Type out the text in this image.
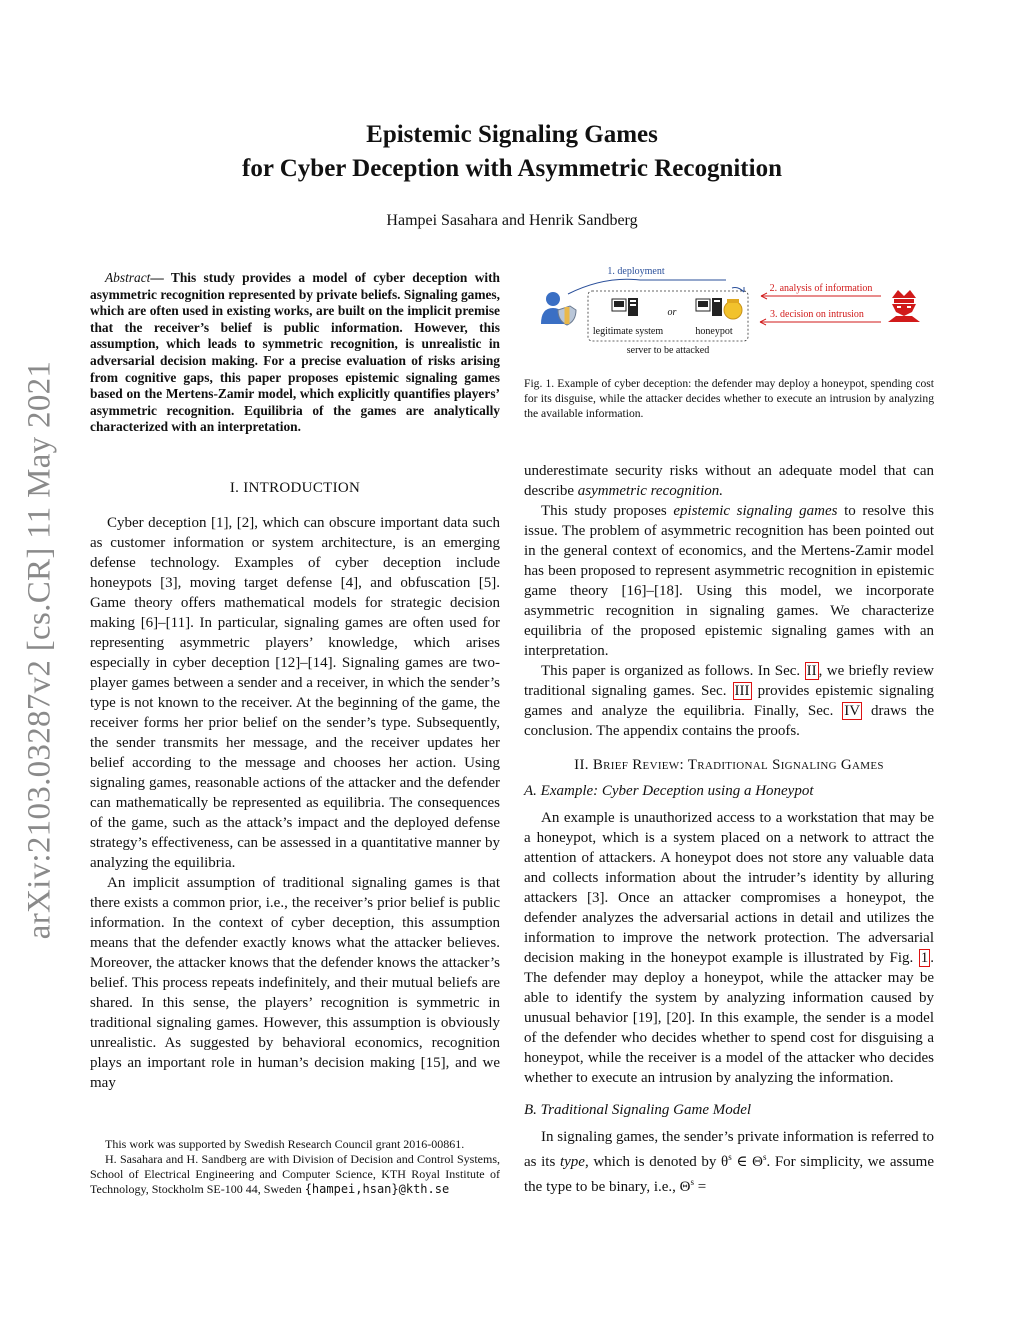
arXiv:2103.03287v2 [cs.CR] 11 May 2021
Epistemic Signaling Games
for Cyber Deception with Asymmetric Recognition
Hampei Sasahara and Henrik Sandberg
Abstract— This study provides a model of cyber deception with asymmetric recognition represented by private beliefs. Signaling games, which are often used in existing works, are built on the implicit premise that the receiver’s belief is public information. However, this assumption, which leads to symmetric recognition, is unrealistic in adversarial decision making. For a precise evaluation of risks arising from cognitive gaps, this paper proposes epistemic signaling games based on the Mertens-Zamir model, which explicitly quantifies players’ asymmetric recognition. Equilibria of the games are analytically characterized with an interpretation.
I. INTRODUCTION

Cyber deception [1], [2], which can obscure important data such as customer information or system architecture, is an emerging defense technology. Examples of cyber deception include honeypots [3], moving target defense [4], and obfuscation [5]. Game theory offers mathematical models for strategic decision making [6]–[11]. In particular, signaling games are often used for representing asymmetric players’ knowledge, which arises especially in cyber deception [12]–[14]. Signaling games are two-player games between a sender and a receiver, in which the sender’s type is not known to the receiver. At the beginning of the game, the receiver forms her prior belief on the sender’s type. Subsequently, the sender transmits her message, and the receiver updates her belief according to the message and chooses her action. Using signaling games, reasonable actions of the attacker and the defender can mathematically be represented as equilibria. The consequences of the game, such as the attack’s impact and the deployed defense strategy’s effectiveness, can be assessed in a quantitative manner by analyzing the equilibria.

An implicit assumption of traditional signaling games is that there exists a common prior, i.e., the receiver’s prior belief is public information. In the context of cyber deception, this assumption means that the defender exactly knows what the attacker believes. Moreover, the attacker knows that the defender knows the attacker’s belief. This process repeats indefinitely, and their mutual beliefs are shared. In this sense, the players’ recognition is symmetric in traditional signaling games. However, this assumption is obviously unrealistic. As suggested by behavioral economics, recognition plays an important role in human’s decision making [15], and we may

This work was supported by Swedish Research Council grant 2016-00861.

H. Sasahara and H. Sandberg are with Division of Decision and Control Systems, School of Electrical Engineering and Computer Science, KTH Royal Institute of Technology, Stockholm SE-100 44, Sweden {hampei,hsan}@kth.se

1. deployment
legitimate system
or
honeypot
server to be attacked
2. analysis of information
3. decision on intrusion
Fig. 1. Example of cyber deception: the defender may deploy a honeypot, spending cost for its disguise, while the attacker decides whether to execute an intrusion by analyzing the available information.

underestimate security risks without an adequate model that can describe asymmetric recognition.

This study proposes epistemic signaling games to resolve this issue. The problem of asymmetric recognition has been pointed out in the general context of economics, and the Mertens-Zamir model has been proposed to represent asymmetric recognition in epistemic game theory [16]–[18]. Using this model, we incorporate asymmetric recognition in signaling games. We characterize equilibria of the proposed epistemic signaling games with an interpretation.

This paper is organized as follows. In Sec. II , we briefly review traditional signaling games. Sec. III provides epistemic signaling games and analyze the equilibria. Finally, Sec. IV draws the conclusion. The appendix contains the proofs.

II. Brief Review: Traditional Signaling Games
A. Example: Cyber Deception using a Honeypot

An example is unauthorized access to a workstation that may be a honeypot, which is a system placed on a network to attract the attention of attackers. A honeypot does not store any valuable data and collects information about the intruder’s identity by alluring attackers [3]. Once an attacker compromises a honeypot, the defender analyzes the adversarial actions in detail and utilizes the information to improve the network protection. The adversarial decision making in the honeypot example is illustrated by Fig. 1 . The defender may deploy a honeypot, while the attacker may be able to identify the system by analyzing information caused by unusual behavior [19], [20]. In this example, the sender is a model of the defender who decides whether to spend cost for disguising a honeypot, while the receiver is a model of the attacker who decides whether to execute an intrusion by analyzing the information.

B. Traditional Signaling Game Model

In signaling games, the sender’s private information is referred to as its type, which is denoted by $\theta^s$ ∈ $\Theta^s$. For simplicity, we assume the type to be binary, i.e., $\Theta^s$ =
